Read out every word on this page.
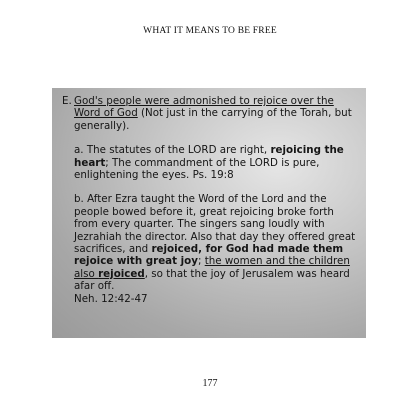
WHAT IT MEANS TO BE FREE
E. God's people were admonished to rejoice over the Word of God (Not just in the carrying of the Torah, but generally).
a. The statutes of the LORD are right, rejoicing the heart; The commandment of the LORD is pure, enlightening the eyes. Ps. 19:8
b. After Ezra taught the Word of the Lord and the people bowed before it, great rejoicing broke forth from every quarter. The singers sang loudly with Jezrahiah the director. Also that day they offered great sacrifices, and rejoiced, for God had made them rejoice with great joy; the women and the children also rejoiced, so that the joy of Jerusalem was heard afar off.
Neh. 12:42-47
177
